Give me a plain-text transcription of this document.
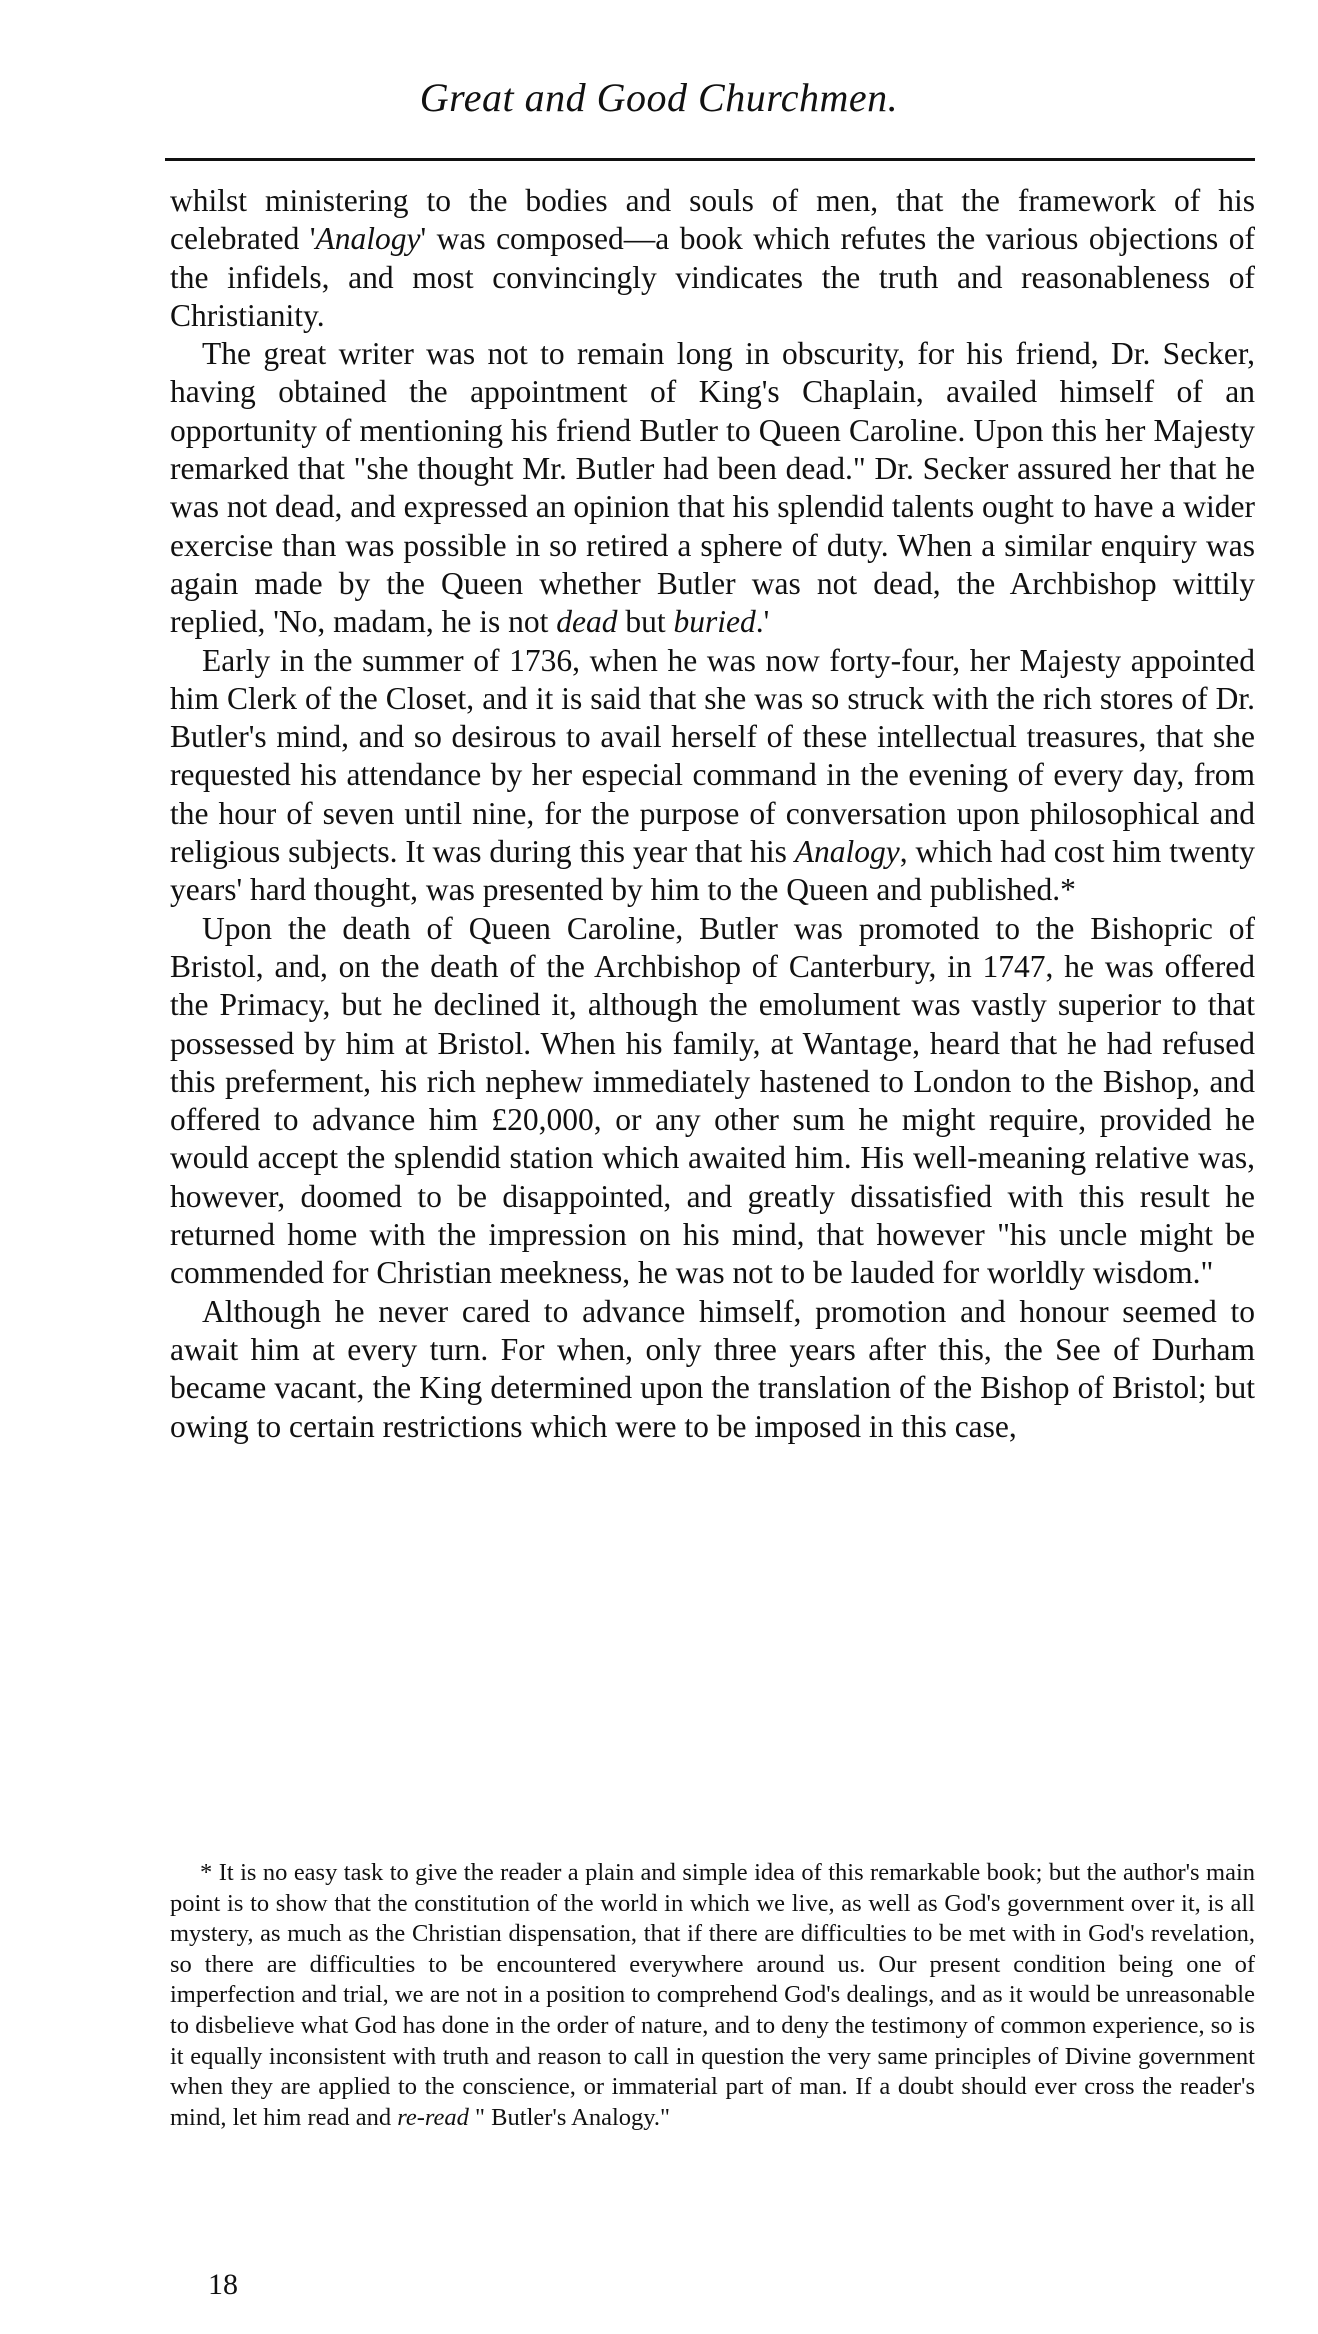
Great and Good Churchmen.

whilst ministering to the bodies and souls of men, that the framework of his celebrated 'Analogy' was composed—a book which refutes the various objections of the infidels, and most convincingly vindicates the truth and reasonableness of Christianity.

The great writer was not to remain long in obscurity, for his friend, Dr. Secker, having obtained the appointment of King's Chaplain, availed himself of an opportunity of mentioning his friend Butler to Queen Caroline. Upon this her Majesty remarked that "she thought Mr. Butler had been dead." Dr. Secker assured her that he was not dead, and expressed an opinion that his splendid talents ought to have a wider exercise than was possible in so retired a sphere of duty. When a similar enquiry was again made by the Queen whether Butler was not dead, the Archbishop wittily replied, 'No, madam, he is not dead but buried.'

Early in the summer of 1736, when he was now forty-four, her Majesty appointed him Clerk of the Closet, and it is said that she was so struck with the rich stores of Dr. Butler's mind, and so desirous to avail herself of these intellectual treasures, that she requested his attendance by her especial command in the evening of every day, from the hour of seven until nine, for the purpose of conversation upon philosophical and religious subjects. It was during this year that his Analogy, which had cost him twenty years' hard thought, was presented by him to the Queen and published.*

Upon the death of Queen Caroline, Butler was promoted to the Bishopric of Bristol, and, on the death of the Archbishop of Canterbury, in 1747, he was offered the Primacy, but he declined it, although the emolument was vastly superior to that possessed by him at Bristol. When his family, at Wantage, heard that he had refused this preferment, his rich nephew immediately hastened to London to the Bishop, and offered to advance him £20,000, or any other sum he might require, provided he would accept the splendid station which awaited him. His well-meaning relative was, however, doomed to be disappointed, and greatly dissatisfied with this result he returned home with the impression on his mind, that however "his uncle might be commended for Christian meekness, he was not to be lauded for worldly wisdom."

Although he never cared to advance himself, promotion and honour seemed to await him at every turn. For when, only three years after this, the See of Durham became vacant, the King determined upon the translation of the Bishop of Bristol; but owing to certain restrictions which were to be imposed in this case,

* It is no easy task to give the reader a plain and simple idea of this remarkable book; but the author's main point is to show that the constitution of the world in which we live, as well as God's government over it, is all mystery, as much as the Christian dispensation, that if there are difficulties to be met with in God's revelation, so there are difficulties to be encountered everywhere around us. Our present condition being one of imperfection and trial, we are not in a position to comprehend God's dealings, and as it would be unreasonable to disbelieve what God has done in the order of nature, and to deny the testimony of common experience, so is it equally inconsistent with truth and reason to call in question the very same principles of Divine government when they are applied to the conscience, or immaterial part of man. If a doubt should ever cross the reader's mind, let him read and re-read " Butler's Analogy."

18
